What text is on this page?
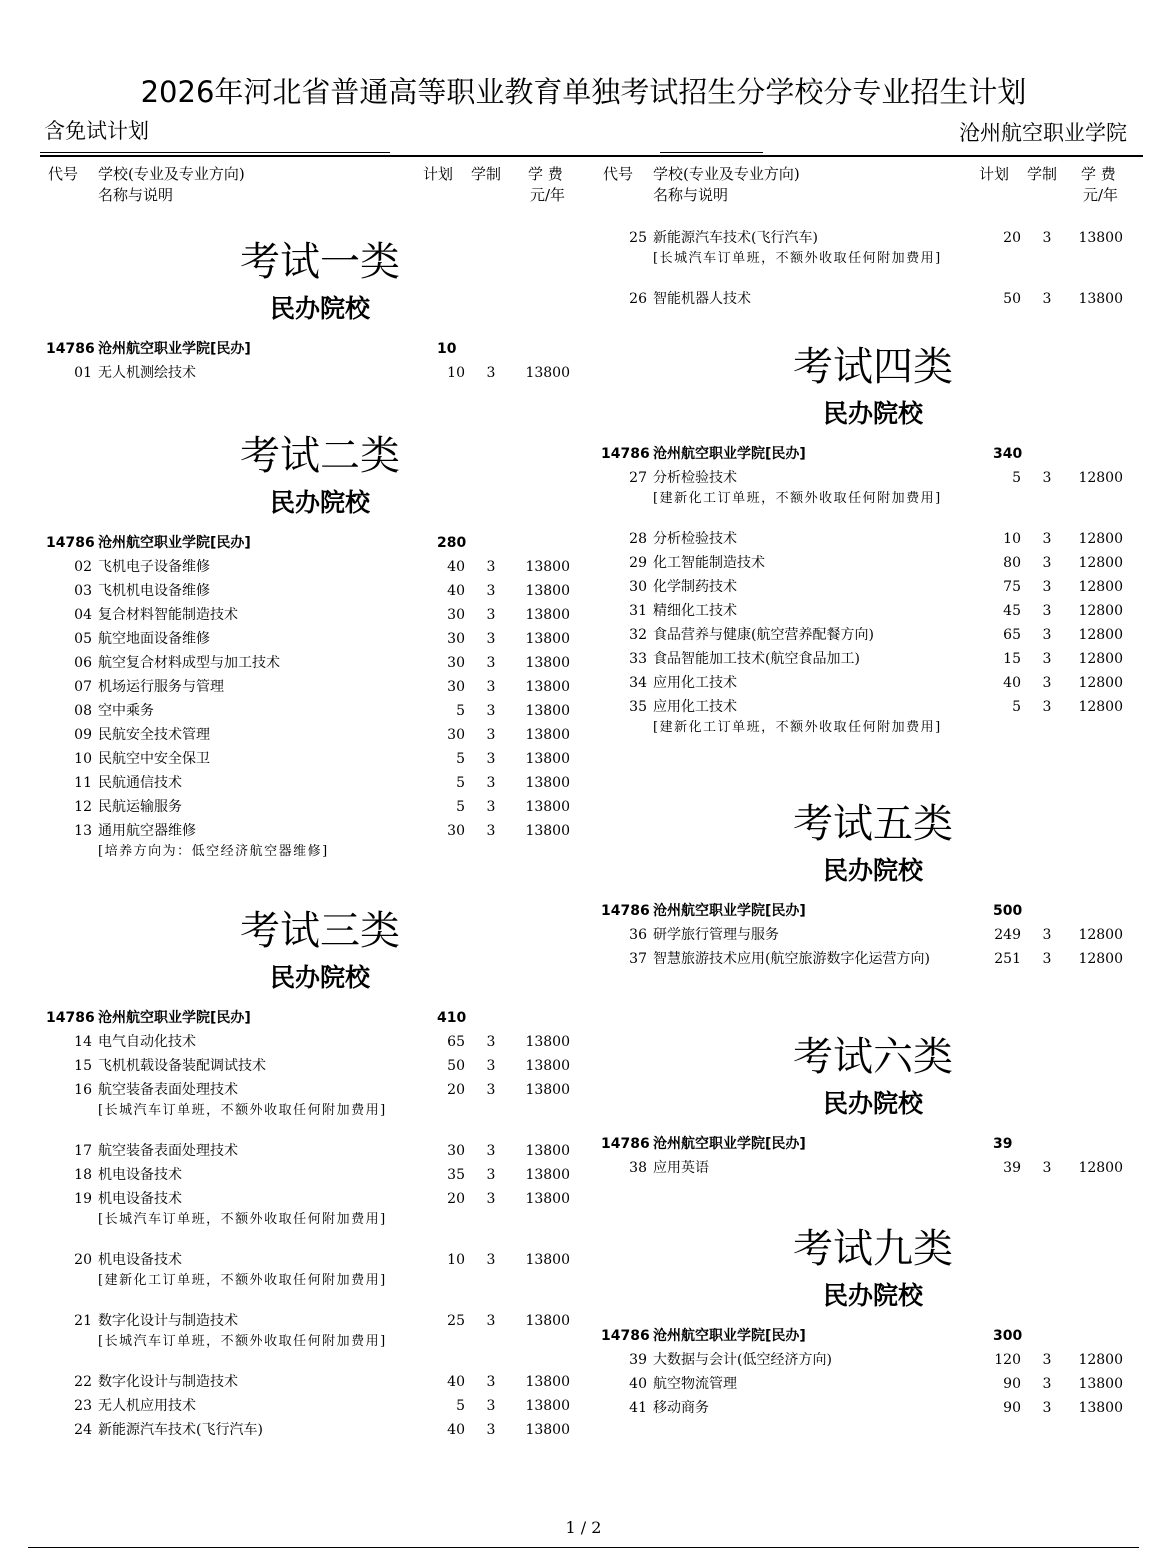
2026年河北省普通高等职业教育单独考试招生分学校分专业招生计划
含免试计划	沧州航空职业学院
代号 学校(专业及专业方向)
名称与说明
计划 学制 学 费
元/年
考试一类
民办院校
14786 沧州航空职业学院[民办]	10
01 无人机测绘技术	10	3	13800
考试二类
民办院校
14786 沧州航空职业学院[民办]	280
02 飞机电子设备维修	40	3	13800
03 飞机机电设备维修	40	3	13800
04 复合材料智能制造技术	30	3	13800
05 航空地面设备维修	30	3	13800
06 航空复合材料成型与加工技术	30	3	13800
07 机场运行服务与管理	30	3	13800
08 空中乘务	5	3	13800
09 民航安全技术管理	30	3	13800
10 民航空中安全保卫	5	3	13800
11 民航通信技术	5	3	13800
12 民航运输服务	5	3	13800
13 通用航空器维修	30	3	13800
[培养方向为：低空经济航空器维修]
考试三类
民办院校
14786 沧州航空职业学院[民办]	410
14 电气自动化技术	65	3	13800
15 飞机机载设备装配调试技术	50	3	13800
16 航空装备表面处理技术	20	3	13800
[长城汽车订单班，不额外收取任何附加费用]
17 航空装备表面处理技术	30	3	13800
18 机电设备技术	35	3	13800
19 机电设备技术	20	3	13800
[长城汽车订单班，不额外收取任何附加费用]
20 机电设备技术	10	3	13800
[建新化工订单班，不额外收取任何附加费用]
21 数字化设计与制造技术	25	3	13800
[长城汽车订单班，不额外收取任何附加费用]
22 数字化设计与制造技术	40	3	13800
23 无人机应用技术	5	3	13800
24 新能源汽车技术(飞行汽车)	40	3	13800
代号 学校(专业及专业方向)
名称与说明
计划 学制 学 费
元/年
25 新能源汽车技术(飞行汽车)	20	3	13800
[长城汽车订单班，不额外收取任何附加费用]
26 智能机器人技术	50	3	13800
考试四类
民办院校
14786 沧州航空职业学院[民办]	340
27 分析检验技术	5	3	12800
[建新化工订单班，不额外收取任何附加费用]
28 分析检验技术	10	3	12800
29 化工智能制造技术	80	3	12800
30 化学制药技术	75	3	12800
31 精细化工技术	45	3	12800
32 食品营养与健康(航空营养配餐方向)	65	3	12800
33 食品智能加工技术(航空食品加工)	15	3	12800
34 应用化工技术	40	3	12800
35 应用化工技术	5	3	12800
[建新化工订单班，不额外收取任何附加费用]
考试五类
民办院校
14786 沧州航空职业学院[民办]	500
36 研学旅行管理与服务	249	3	12800
37 智慧旅游技术应用(航空旅游数字化运营方向)	251	3	12800
考试六类
民办院校
14786 沧州航空职业学院[民办]	39
38 应用英语	39	3	12800
考试九类
民办院校
14786 沧州航空职业学院[民办]	300
39 大数据与会计(低空经济方向)	120	3	12800
40 航空物流管理	90	3	13800
41 移动商务	90	3	13800
1 / 2
